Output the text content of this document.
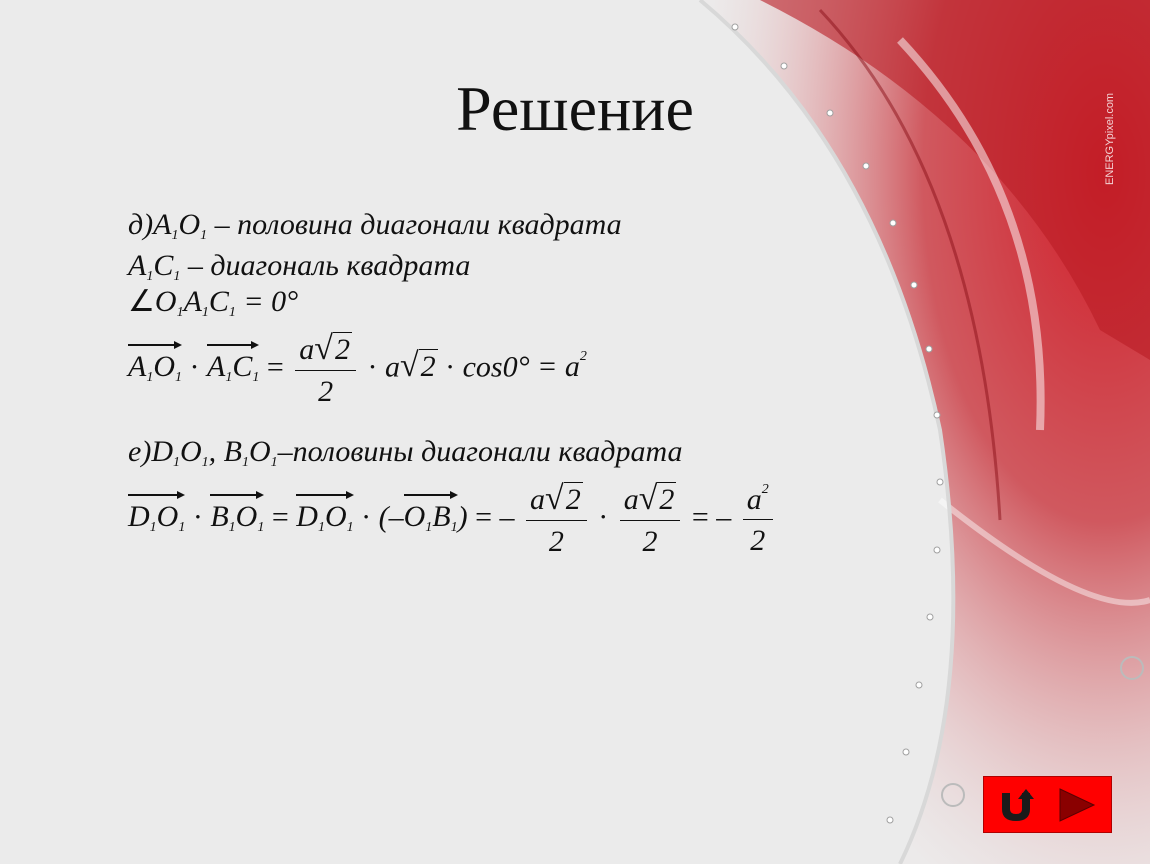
ENERGYpixel.com
Решение
$д)A_1O_1$ – половина диагонали квадрата
$A_1C_1$ – диагональ квадрата
$\angle O_1A_1C_1 = 0^\circ$
$A_1O_1 \cdot A_1C_1 = \frac{a√2}{2} \cdot a√2 \cdot \cos 0^\circ = a^2$
$е)D_1O_1$, $B_1O_1$–половины диагонали квадрата
$D_1O_1 \cdot B_1O_1 = D_1O_1 \cdot (-O_1B_1)$ = – $\frac{a√2}{2} \cdot \frac{a√2}{2}$ = – $\frac{a^2}{2}$
